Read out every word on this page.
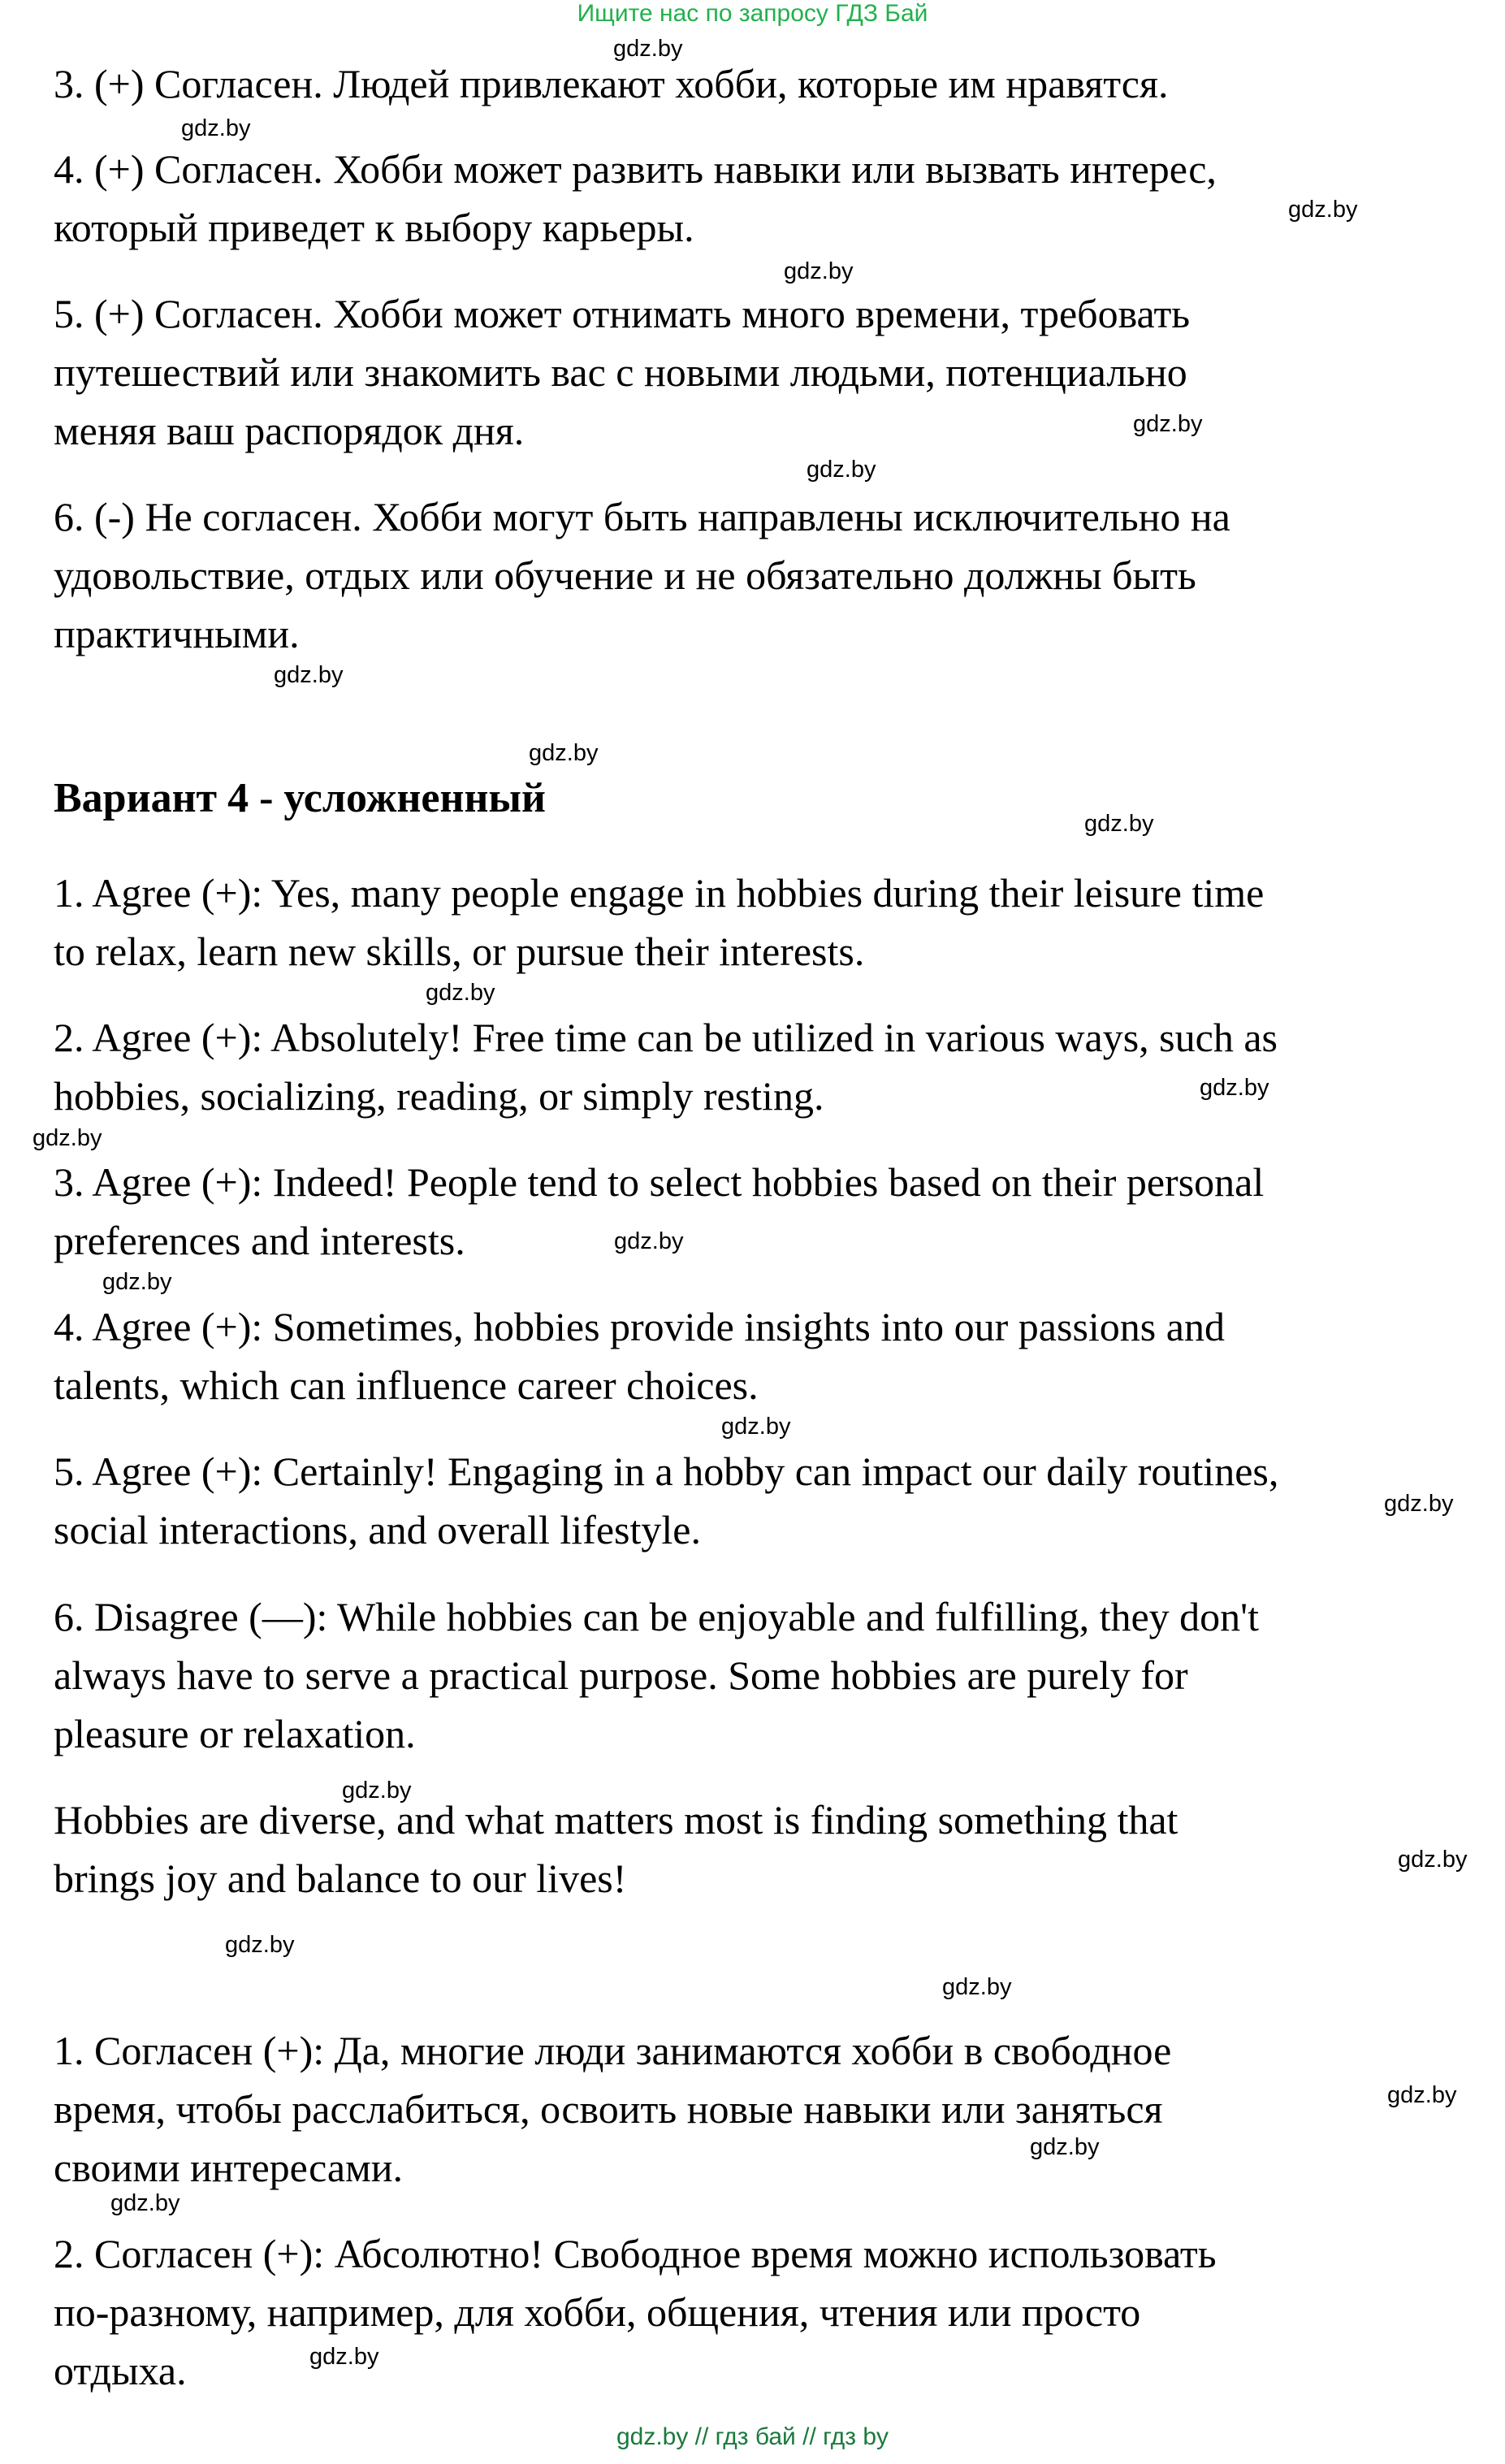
Ищите нас по запросу ГДЗ Бай

3. (+) Согласен. Людей привлекают хобби, которые им нравятся.

4. (+) Согласен. Хобби может развить навыки или вызвать интерес,
который приведет к выбору карьеры.

5. (+) Согласен. Хобби может отнимать много времени, требовать
путешествий или знакомить вас с новыми людьми, потенциально
меняя ваш распорядок дня.

6. (-) Не согласен. Хобби могут быть направлены исключительно на
удовольствие, отдых или обучение и не обязательно должны быть
практичными.

Вариант 4 - усложненный

1. Agree (+): Yes, many people engage in hobbies during their leisure time
to relax, learn new skills, or pursue their interests.

2. Agree (+): Absolutely! Free time can be utilized in various ways, such as
hobbies, socializing, reading, or simply resting.

3. Agree (+): Indeed! People tend to select hobbies based on their personal
preferences and interests.

4. Agree (+): Sometimes, hobbies provide insights into our passions and
talents, which can influence career choices.

5. Agree (+): Certainly! Engaging in a hobby can impact our daily routines,
social interactions, and overall lifestyle.

6. Disagree (—): While hobbies can be enjoyable and fulfilling, they don't
always have to serve a practical purpose. Some hobbies are purely for
pleasure or relaxation.

Hobbies are diverse, and what matters most is finding something that
brings joy and balance to our lives!

1. Согласен (+): Да, многие люди занимаются хобби в свободное
время, чтобы расслабиться, освоить новые навыки или заняться
своими интересами.

2. Согласен (+): Абсолютно! Свободное время можно использовать
по-разному, например, для хобби, общения, чтения или просто
отдыха.

gdz.by
gdz.by
gdz.by
gdz.by
gdz.by
gdz.by
gdz.by
gdz.by
gdz.by
gdz.by
gdz.by
gdz.by
gdz.by
gdz.by
gdz.by
gdz.by
gdz.by
gdz.by
gdz.by
gdz.by
gdz.by
gdz.by
gdz.by
gdz.by
gdz.by // гдз бай // гдз by
